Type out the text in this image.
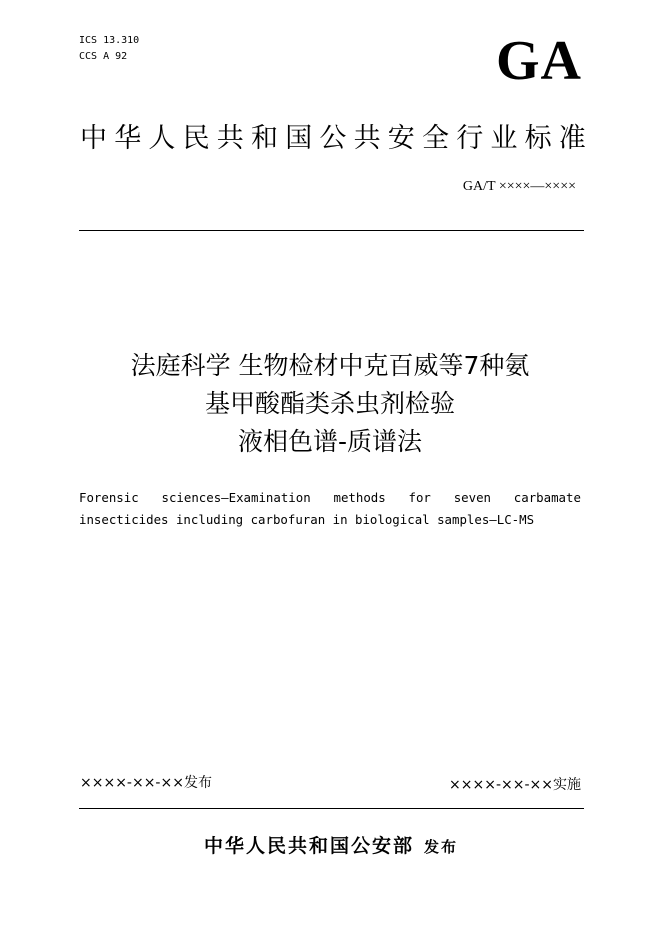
ICS 13.310
CCS A 92	GA
中华人民共和国公共安全行业标准
GA/T ××××—××××
法庭科学 生物检材中克百威等7种氨
基甲酸酯类杀虫剂检验
液相色谱-质谱法
Forensic sciences—Examination methods for seven carbamate
insecticides including carbofuran in biological samples—LC-MS
××××-××-××发布	××××-××-××实施
中华人民共和国公安部 发布
